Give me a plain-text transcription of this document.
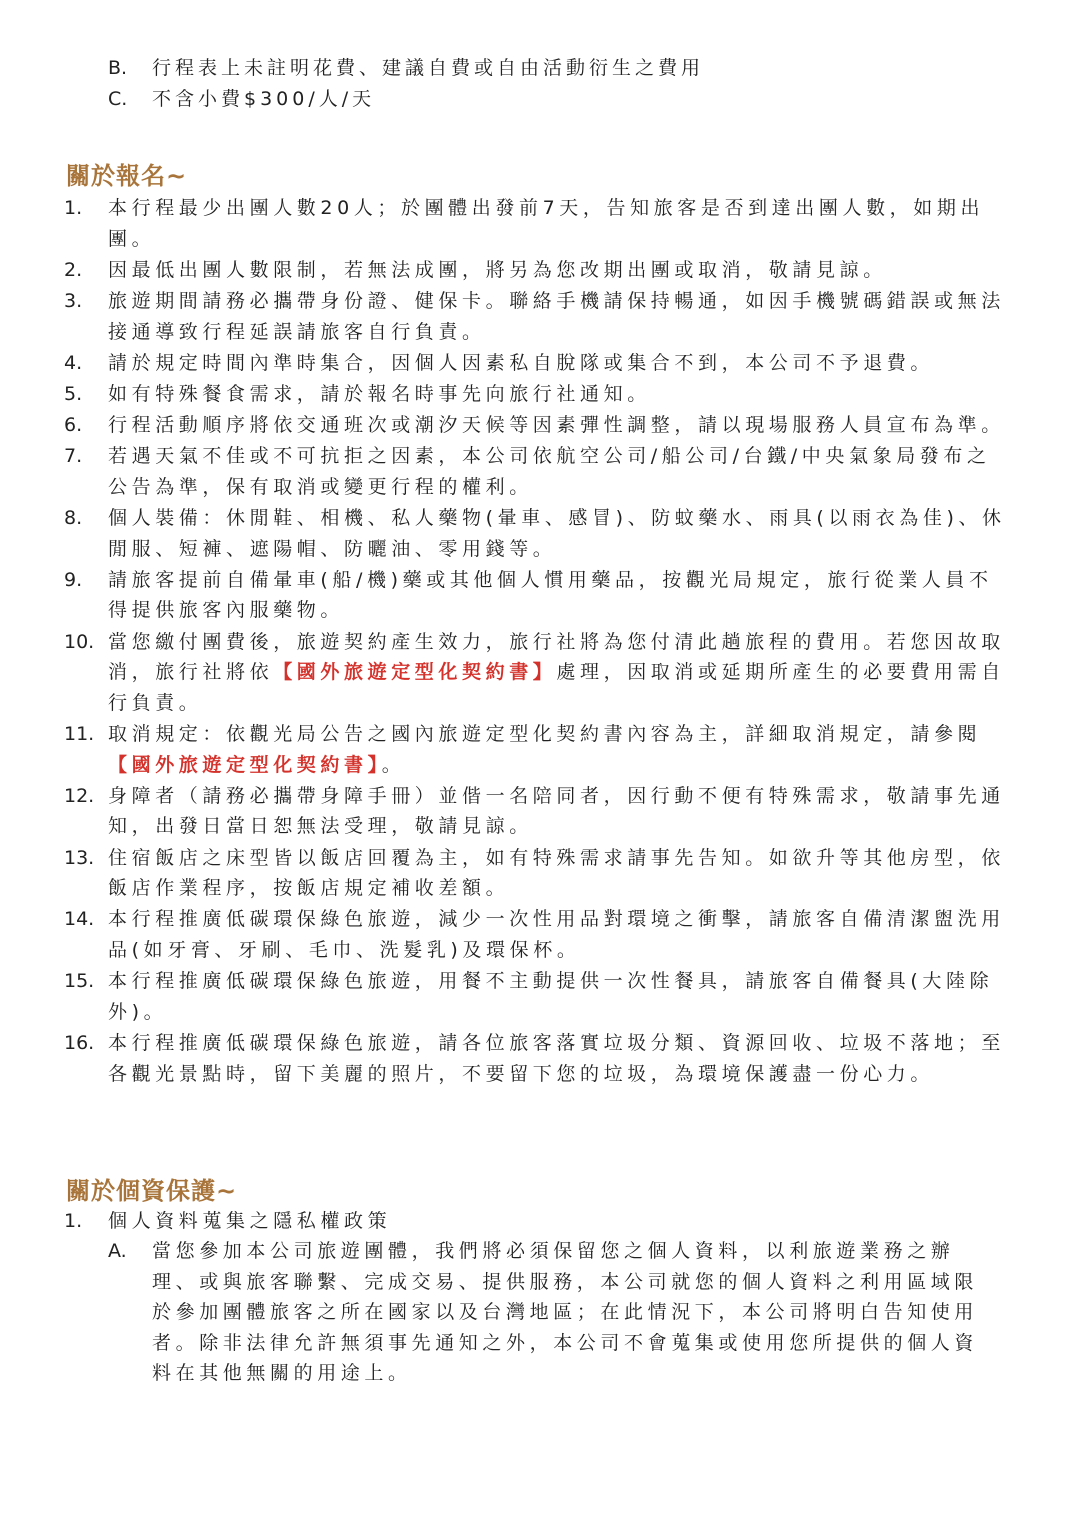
B.	行程表上未註明花費、建議自費或自由活動衍生之費用
C.	不含小費$300/人/天
關於報名~
1.	本行程最少出團人數20人；於團體出發前7天，告知旅客是否到達出團人數，如期出團。
2.	因最低出團人數限制，若無法成團，將另為您改期出團或取消，敬請見諒。
3.	旅遊期間請務必攜帶身份證、健保卡。聯絡手機請保持暢通，如因手機號碼錯誤或無法接通導致行程延誤請旅客自行負責。
4.	請於規定時間內準時集合，因個人因素私自脫隊或集合不到，本公司不予退費。
5.	如有特殊餐食需求，請於報名時事先向旅行社通知。
6.	行程活動順序將依交通班次或潮汐天候等因素彈性調整，請以現場服務人員宣布為準。
7.	若遇天氣不佳或不可抗拒之因素，本公司依航空公司/船公司/台鐵/中央氣象局發布之公告為準，保有取消或變更行程的權利。
8.	個人裝備：休閒鞋、相機、私人藥物(暈車、感冒)、防蚊藥水、雨具(以雨衣為佳)、休閒服、短褲、遮陽帽、防曬油、零用錢等。
9.	請旅客提前自備暈車(船/機)藥或其他個人慣用藥品，按觀光局規定，旅行從業人員不得提供旅客內服藥物。
10. 當您繳付團費後，旅遊契約產生效力，旅行社將為您付清此趟旅程的費用。若您因故取消，旅行社將依【國外旅遊定型化契約書】處理，因取消或延期所產生的必要費用需自行負責。
11. 取消規定：依觀光局公告之國內旅遊定型化契約書內容為主，詳細取消規定，請參閱【國外旅遊定型化契約書】。
12. 身障者（請務必攜帶身障手冊）並偕一名陪同者，因行動不便有特殊需求，敬請事先通知，出發日當日恕無法受理，敬請見諒。
13. 住宿飯店之床型皆以飯店回覆為主，如有特殊需求請事先告知。如欲升等其他房型，依飯店作業程序，按飯店規定補收差額。
14. 本行程推廣低碳環保綠色旅遊，減少一次性用品對環境之衝擊，請旅客自備清潔盥洗用品(如牙膏、牙刷、毛巾、洗髮乳)及環保杯。
15. 本行程推廣低碳環保綠色旅遊，用餐不主動提供一次性餐具，請旅客自備餐具(大陸除外)。
16. 本行程推廣低碳環保綠色旅遊，請各位旅客落實垃圾分類、資源回收、垃圾不落地；至各觀光景點時，留下美麗的照片，不要留下您的垃圾，為環境保護盡一份心力。
關於個資保護~
1.	個人資料蒐集之隱私權政策
A.	當您參加本公司旅遊團體，我們將必須保留您之個人資料，以利旅遊業務之辦理、或與旅客聯繫、完成交易、提供服務，本公司就您的個人資料之利用區域限於參加團體旅客之所在國家以及台灣地區；在此情況下，本公司將明白告知使用者。除非法律允許無須事先通知之外，本公司不會蒐集或使用您所提供的個人資料在其他無關的用途上。
